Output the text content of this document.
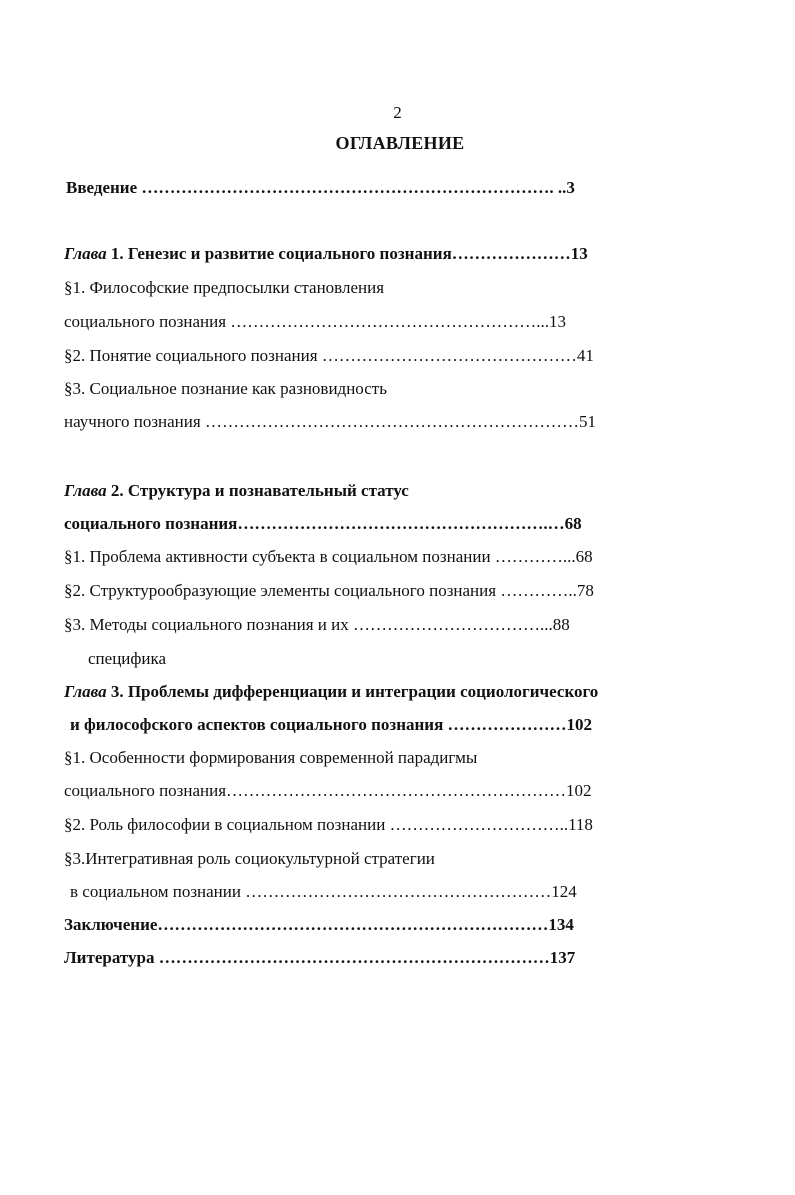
2
ОГЛАВЛЕНИЕ
Введение ………………………………………………………………. ..3
Глава 1. Генезис и развитие социального познания…………………13
§1. Философские предпосылки становления
социального познания ………………………………………………...13
§2. Понятие социального познания ………………………………………41
§3. Социальное познание как разновидность
научного познания …………………………………………………………51
Глава 2. Структура и познавательный статус
социального познания……………………………………………….…68
§1. Проблема активности субъекта в социальном познании …………...68
§2. Структурообразующие элементы социального познания …………..78
§3. Методы социального познания и их ……………………………...88
специфика
Глава 3. Проблемы дифференциации и интеграции социологического
и философского аспектов социального познания …………………102
§1. Особенности формирования современной парадигмы
социального познания……………………………………………………102
§2. Роль философии в социальном познании …………………………..118
§3.Интегративная роль социокультурной стратегии
в социальном познании ………………………………………………124
Заключение……………………………………………………………134
Литература ……………………………………………………………137
